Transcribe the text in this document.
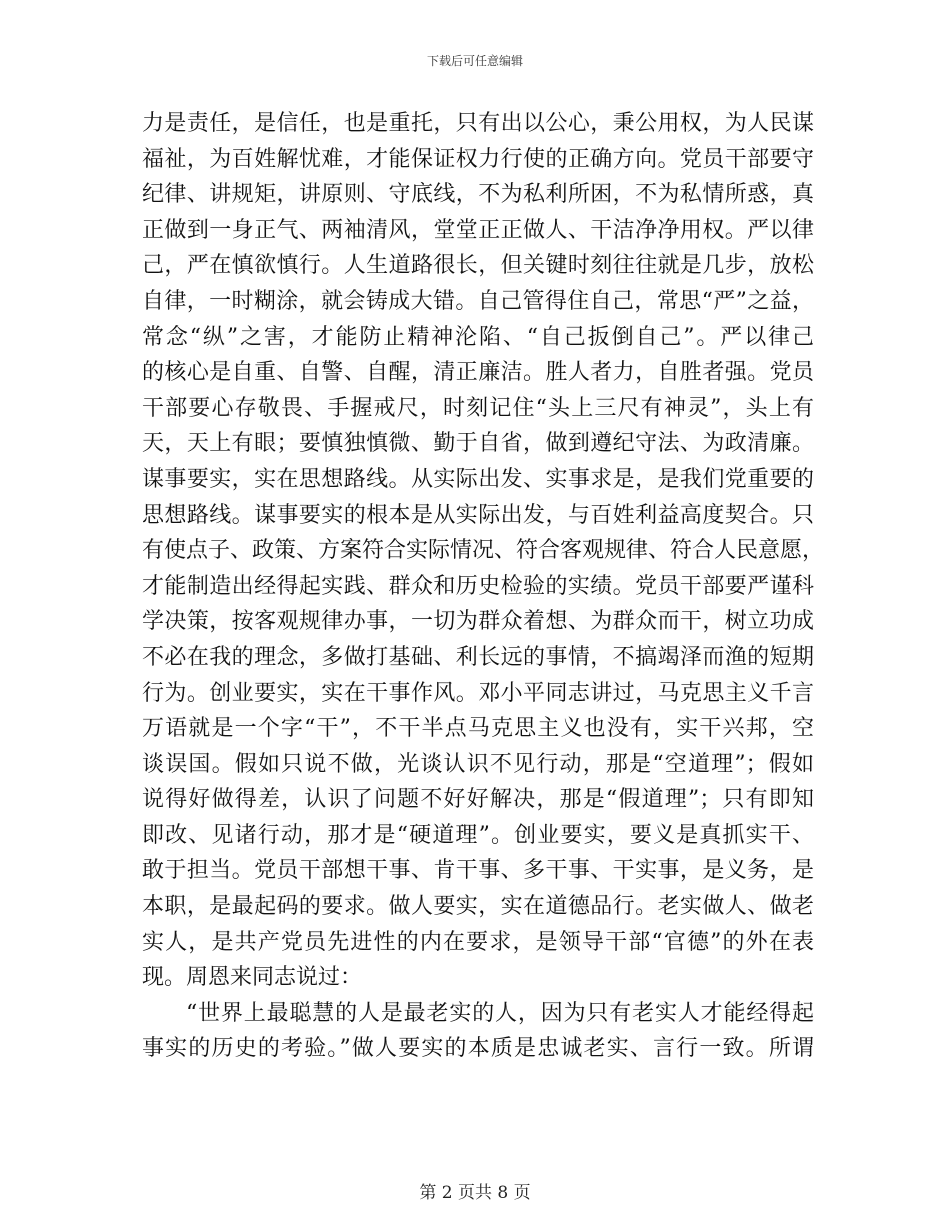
下载后可任意编辑
力是责任，是信任，也是重托，只有出以公心，秉公用权，为人民谋
福祉，为百姓解忧难，才能保证权力行使的正确方向。党员干部要守
纪律、讲规矩，讲原则、守底线，不为私利所困，不为私情所惑，真
正做到一身正气、两袖清风，堂堂正正做人、干洁净净用权。严以律
己，严在慎欲慎行。人生道路很长，但关键时刻往往就是几步，放松
自律，一时糊涂，就会铸成大错。自己管得住自己，常思“严”之益，
常念“纵”之害，才能防止精神沦陷、“自己扳倒自己”。严以律己
的核心是自重、自警、自醒，清正廉洁。胜人者力，自胜者强。党员
干部要心存敬畏、手握戒尺，时刻记住“头上三尺有神灵”，头上有
天，天上有眼；要慎独慎微、勤于自省，做到遵纪守法、为政清廉。
谋事要实，实在思想路线。从实际出发、实事求是，是我们党重要的
思想路线。谋事要实的根本是从实际出发，与百姓利益高度契合。只
有使点子、政策、方案符合实际情况、符合客观规律、符合人民意愿，
才能制造出经得起实践、群众和历史检验的实绩。党员干部要严谨科
学决策，按客观规律办事，一切为群众着想、为群众而干，树立功成
不必在我的理念，多做打基础、利长远的事情，不搞竭泽而渔的短期
行为。创业要实，实在干事作风。邓小平同志讲过，马克思主义千言
万语就是一个字“干”，不干半点马克思主义也没有，实干兴邦，空
谈误国。假如只说不做，光谈认识不见行动，那是“空道理”；假如
说得好做得差，认识了问题不好好解决，那是“假道理”；只有即知
即改、见诸行动，那才是“硬道理”。创业要实，要义是真抓实干、
敢于担当。党员干部想干事、肯干事、多干事、干实事，是义务，是
本职，是最起码的要求。做人要实，实在道德品行。老实做人、做老
实人，是共产党员先进性的内在要求，是领导干部“官德”的外在表
现。周恩来同志说过：
“世界上最聪慧的人是最老实的人，因为只有老实人才能经得起
事实的历史的考验。”做人要实的本质是忠诚老实、言行一致。所谓
第 2 页共 8 页
